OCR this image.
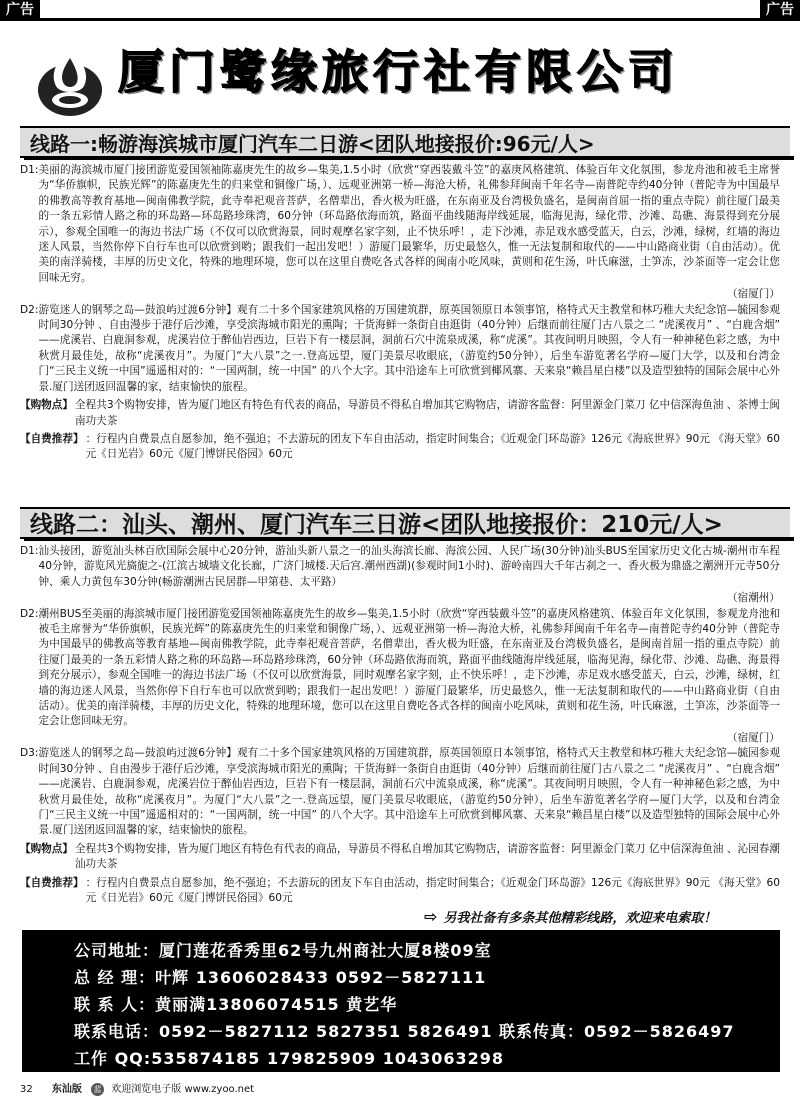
广告	广告
厦门鹭缘旅行社有限公司
线路一:畅游海滨城市厦门汽车二日游<团队地接报价:96元/人>
D1: 美丽的海滨城市厦门接团游览爱国领袖陈嘉庚先生的故乡—集美,1.5小时（欣赏“穿西装戴斗笠”的嘉庚风格建筑、体验百年文化氛围，参龙舟池和被毛主席誉为“华侨旗帜，民族光辉”的陈嘉庚先生的归来堂和铜像广场，）、远观亚洲第一桥—海沧大桥，礼佛参拜闽南千年名寺—南普陀寺约40分钟（普陀寺为中国最早的佛教高等教育基地—闽南佛教学院，此寺奉祀观音菩萨，名僧辈出，香火极为旺盛，在东南亚及台湾极负盛名，是闽南首屈一指的重点寺院）前往厦门最美的一条五彩情人路之称的环岛路—环岛路珍珠湾，60分钟（环岛路依海而筑，路面平曲线随海岸线延展，临海见海，绿化带、沙滩、岛礁、海景得到充分展示），参观全国唯一的海边书法广场（不仅可以欣赏海景，同时观摩名家字刻，止不快乐呼！，走下沙滩，赤足戏水感受蓝天，白云，沙滩，绿树，红墙的海边迷人风景，当然你停下自行车也可以欣赏到哟；跟我们一起出发吧！）游厦门最繁华，历史最悠久，惟一无法复制和取代的——中山路商业街（自由活动）。优美的南洋骑楼，丰厚的历史文化，特殊的地理环境，您可以在这里自费吃各式各样的闽南小吃风味，黄则和花生汤，叶氏麻滋，土笋冻，沙茶面等一定会让您回味无穷。
（宿厦门）
D2: 游览迷人的钢琴之岛—鼓浪屿过渡6分钟】观有二十多个国家建筑风格的万国建筑群，原英国领原日本领事馆，格特式天主教堂和林巧稚大夫纪念馆—毓园参观时间30分钟 、自由漫步于港仔后沙滩，享受滨海城市阳光的熏陶；干货海鲜一条街自由逛街（40分钟）后继而前往厦门古八景之二 “虎溪夜月” 、“白鹿含烟” ——虎溪岩、白鹿洞参观，虎溪岩位于醉仙岩西边，巨岩下有一楼层洞，洞前石穴中流泉成溪，称“虎溪”。其夜间明月映照，令人有一种神秘色彩之感，为中秋赏月最佳处，故称“虎溪夜月”。为厦门“大八景”之一.登高远望，厦门美景尽收眼底，（游览约50分钟），后坐车游览著名学府—厦门大学，以及和台湾金门“三民主义统一中国”遥遥相对的：“一国两制，统一中国” 的八个大字。其中沿途车上可欣赏到椰风寨、天来泉“赖昌星白楼”以及造型独特的国际会展中心外景.厦门送团返回温馨的家，结束愉快的旅程。
【购物点】 全程共3个购物安排，皆为厦门地区有特色有代表的商品，导游员不得私自增加其它购物店，请游客监督：阿里源金门菜刀 亿中信深海鱼油 、茶博士闽南功夫茶
【自费推荐】 ：行程内自费景点自愿参加，绝不强迫；不去游玩的团友下车自由活动，指定时间集合；《近观金门环岛游》126元《海底世界》90元 《海天堂》60元《日光岩》60元《厦门博饼民俗园》60元
线路二：汕头、潮州、厦门汽车三日游<团队地接报价：210元/人>
D1: 汕头接团，游览汕头林百欣国际会展中心20分钟，游汕头新八景之一的汕头海滨长廊、海滨公园、人民广场(30分钟)汕头BUS至国家历史文化古城-潮州市车程40分钟，游览风光旖旎之-(江滨古城墙文化长廊，广济门城楼.天后宫.潮州西湖)(参观时间1小时)、游岭南四大千年古刹之一、香火极为鼎盛之潮洲开元寺50分钟、乘人力黄包车30分钟(畅游潮洲古民居群—甲第巷、太平路）
（宿潮州）
D2: 潮州BUS至美丽的海滨城市厦门接团游览爱国领袖陈嘉庚先生的故乡—集美,1.5小时（欣赏“穿西装戴斗笠”的嘉庚风格建筑、体验百年文化氛围，参观龙舟池和被毛主席誉为“华侨旗帜，民族光辉”的陈嘉庚先生的归来堂和铜像广场，）、远观亚洲第一桥—海沧大桥，礼佛参拜闽南千年名寺—南普陀寺约40分钟（普陀寺为中国最早的佛教高等教育基地—闽南佛教学院，此寺奉祀观音菩萨，名僧辈出，香火极为旺盛，在东南亚及台湾极负盛名，是闽南首屈一指的重点寺院）前往厦门最美的一条五彩情人路之称的环岛路—环岛路珍珠湾，60分钟（环岛路依海而筑，路面平曲线随海岸线延展，临海见海，绿化带、沙滩、岛礁、海景得到充分展示），参观全国唯一的海边书法广场（不仅可以欣赏海景，同时观摩名家字刻，止不快乐呼！，走下沙滩，赤足戏水感受蓝天，白云，沙滩，绿树，红墙的海边迷人风景，当然你停下自行车也可以欣赏到哟；跟我们一起出发吧！）游厦门最繁华，历史最悠久，惟一无法复制和取代的——中山路商业街（自由活动）。优美的南洋骑楼，丰厚的历史文化，特殊的地理环境，您可以在这里自费吃各式各样的闽南小吃风味，黄则和花生汤，叶氏麻滋，土笋冻，沙茶面等一定会让您回味无穷。
（宿厦门）
D3: 游览迷人的钢琴之岛—鼓浪屿过渡6分钟】观有二十多个国家建筑风格的万国建筑群，原英国领原日本领事馆，格特式天主教堂和林巧稚大夫纪念馆—毓园参观时间30分钟 、自由漫步于港仔后沙滩，享受滨海城市阳光的熏陶；干货海鲜一条街自由逛街（40分钟）后继而前往厦门古八景之二 “虎溪夜月” 、“白鹿含烟” ——虎溪岩、白鹿洞参观，虎溪岩位于醉仙岩西边，巨岩下有一楼层洞，洞前石穴中流泉成溪，称“虎溪”。其夜间明月映照，令人有一种神秘色彩之感，为中秋赏月最佳处，故称“虎溪夜月”。为厦门“大八景”之一.登高远望，厦门美景尽收眼底，（游览约50分钟），后坐车游览著名学府—厦门大学，以及和台湾金门“三民主义统一中国”遥遥相对的：“一国两制，统一中国” 的八个大字。其中沿途车上可欣赏到椰风寨、天来泉“赖昌星白楼”以及造型独特的国际会展中心外景.厦门送团返回温馨的家，结束愉快的旅程。
【购物点】 全程共3个购物安排，皆为厦门地区有特色有代表的商品，导游员不得私自增加其它购物店，请游客监督：阿里源金门菜刀 亿中信深海鱼油 、沁园春潮汕功夫茶
【自费推荐】 ：行程内自费景点自愿参加，绝不强迫；不去游玩的团友下车自由活动，指定时间集合；《近观金门环岛游》126元《海底世界》90元 《海天堂》60元《日光岩》60元《厦门博饼民俗园》60元
⇨ 另我社备有多条其他精彩线路，欢迎来电索取！
公司地址：厦门莲花香秀里62号九州商社大厦8楼09室
总 经 理：叶辉 13606028433 0592－5827111
联 系 人：黄丽满13806074515 黄艺华
联系电话：0592－5827112 5827351 5826491 联系传真：0592－5826497
工作 QQ:535874185 179825909 1043063298
32 东汕版 蓝 欢迎浏览电子版 www.zyoo.net
